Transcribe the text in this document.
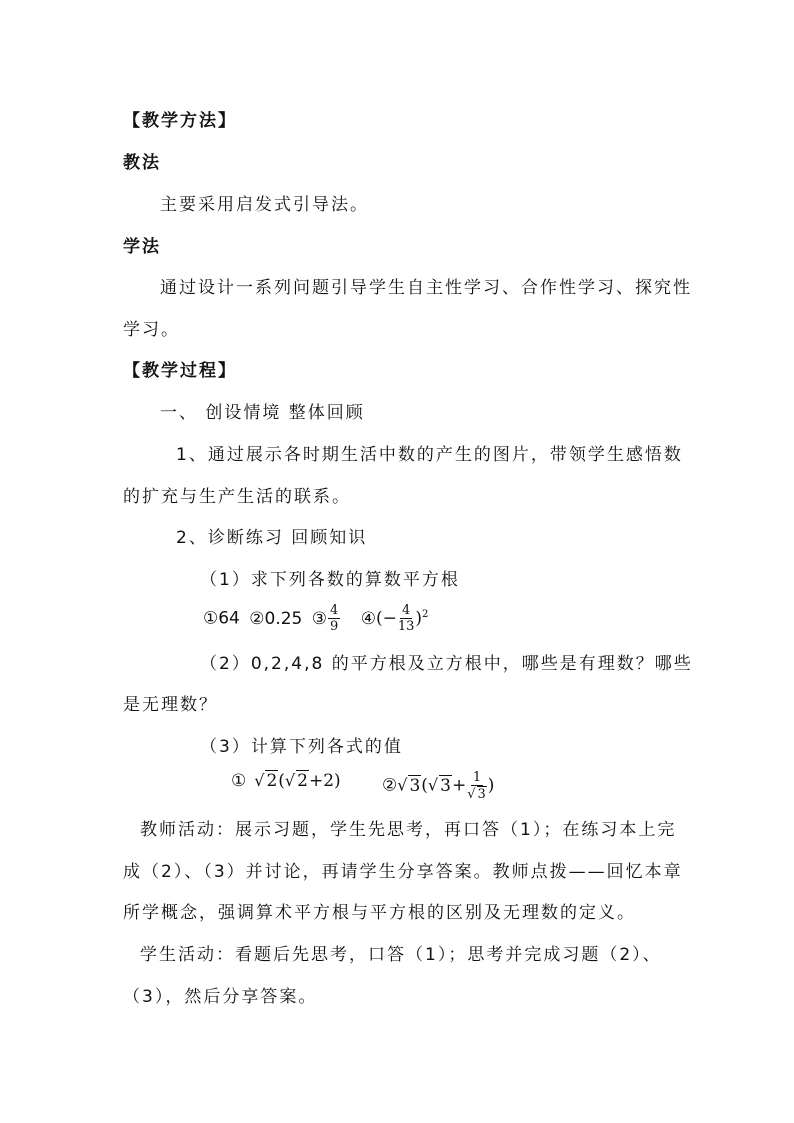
【教学方法】
教法
主要采用启发式引导法。
学法
通过设计一系列问题引导学生自主性学习、合作性学习、探究性
学习。
【教学过程】
一、 创设情境 整体回顾
1、通过展示各时期生活中数的产生的图片，带领学生感悟数
的扩充与生产生活的联系。
2、诊断练习 回顾知识
（1）求下列各数的算数平方根
①64 ②0.25 ③ $\frac{4}{9}$ ④(− $\frac{4}{13} )^2$
（2）0,2,4,8 的平方根及立方根中，哪些是有理数？哪些
是无理数？
（3）计算下列各式的值
① √ 2(√ 2+2) ②√ 3(√ $3+ \frac{1}{√ 3}$ )
教师活动：展示习题，学生先思考，再口答（1）；在练习本上完
成（2）、（3）并讨论，再请学生分享答案。教师点拨——回忆本章
所学概念，强调算术平方根与平方根的区别及无理数的定义。
学生活动：看题后先思考，口答（1）；思考并完成习题（2）、
（3），然后分享答案。
